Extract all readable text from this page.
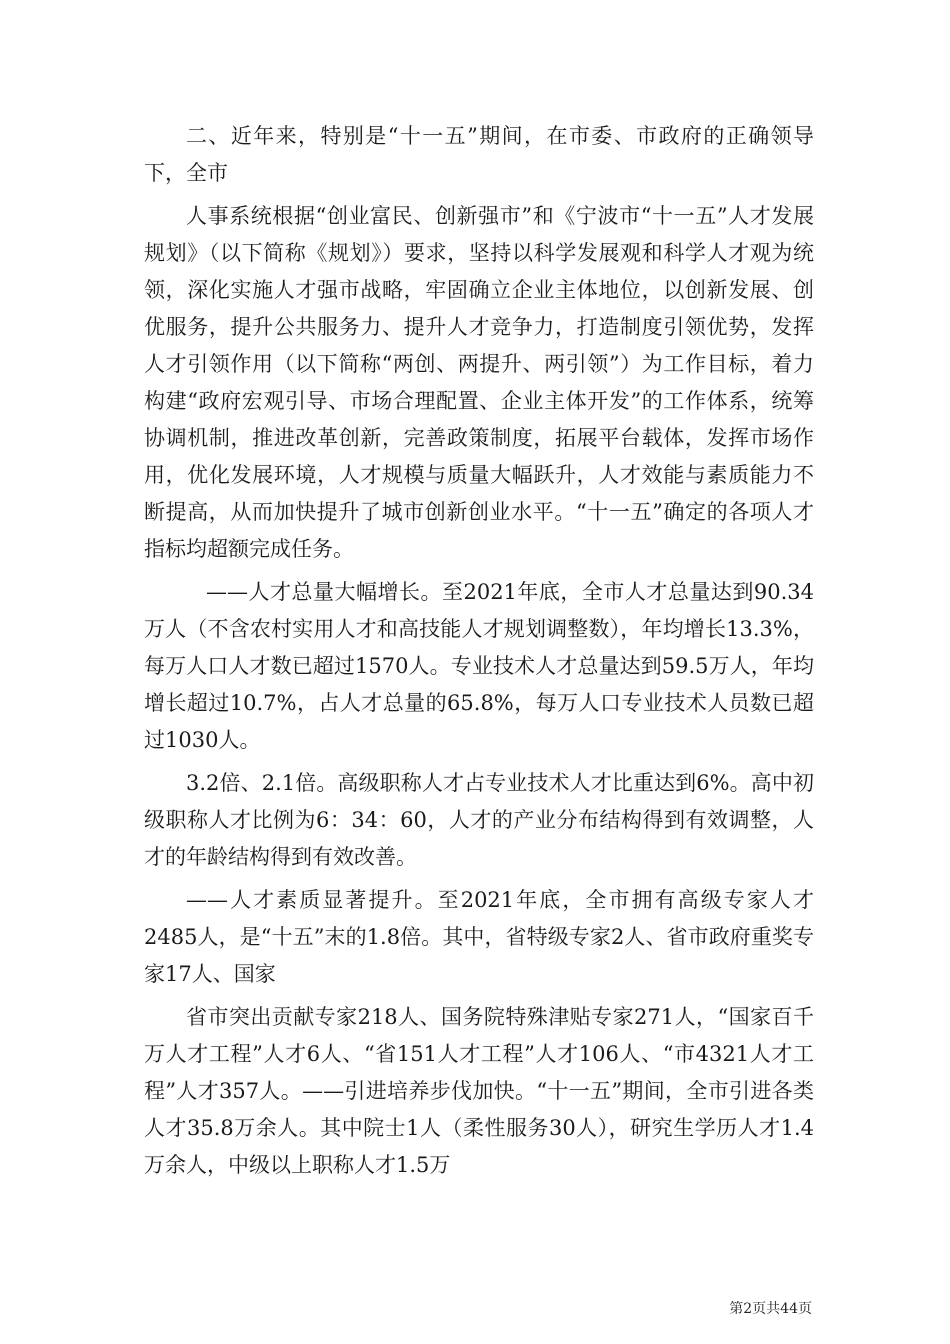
二、近年来，特别是“十一五”期间，在市委、市政府的正确领导下，全市

人事系统根据“创业富民、创新强市”和《宁波市“十一五”人才发展规划》（以下简称《规划》）要求，坚持以科学发展观和科学人才观为统领，深化实施人才强市战略，牢固确立企业主体地位，以创新发展、创优服务，提升公共服务力、提升人才竞争力，打造制度引领优势，发挥人才引领作用（以下简称“两创、两提升、两引领”）为工作目标，着力构建“政府宏观引导、市场合理配置、企业主体开发”的工作体系，统筹协调机制，推进改革创新，完善政策制度，拓展平台载体，发挥市场作用，优化发展环境，人才规模与质量大幅跃升，人才效能与素质能力不断提高，从而加快提升了城市创新创业水平。“十一五”确定的各项人才指标均超额完成任务。

——人才总量大幅增长。至2021年底，全市人才总量达到90.34万人（不含农村实用人才和高技能人才规划调整数），年均增长13.3%，每万人口人才数已超过1570人。专业技术人才总量达到59.5万人，年均增长超过10.7%，占人才总量的65.8%，每万人口专业技术人员数已超过1030人。

3.2倍、2.1倍。高级职称人才占专业技术人才比重达到6%。高中初级职称人才比例为6：34：60，人才的产业分布结构得到有效调整，人才的年龄结构得到有效改善。

——人才素质显著提升。至2021年底，全市拥有高级专家人才2485人，是“十五”末的1.8倍。其中，省特级专家2人、省市政府重奖专家17人、国家

省市突出贡献专家218人、国务院特殊津贴专家271人，“国家百千万人才工程”人才6人、“省151人才工程”人才106人、“市4321人才工程”人才357人。——引进培养步伐加快。“十一五”期间，全市引进各类人才35.8万余人。其中院士1人（柔性服务30人），研究生学历人才1.4万余人，中级以上职称人才1.5万

第2页共44页
